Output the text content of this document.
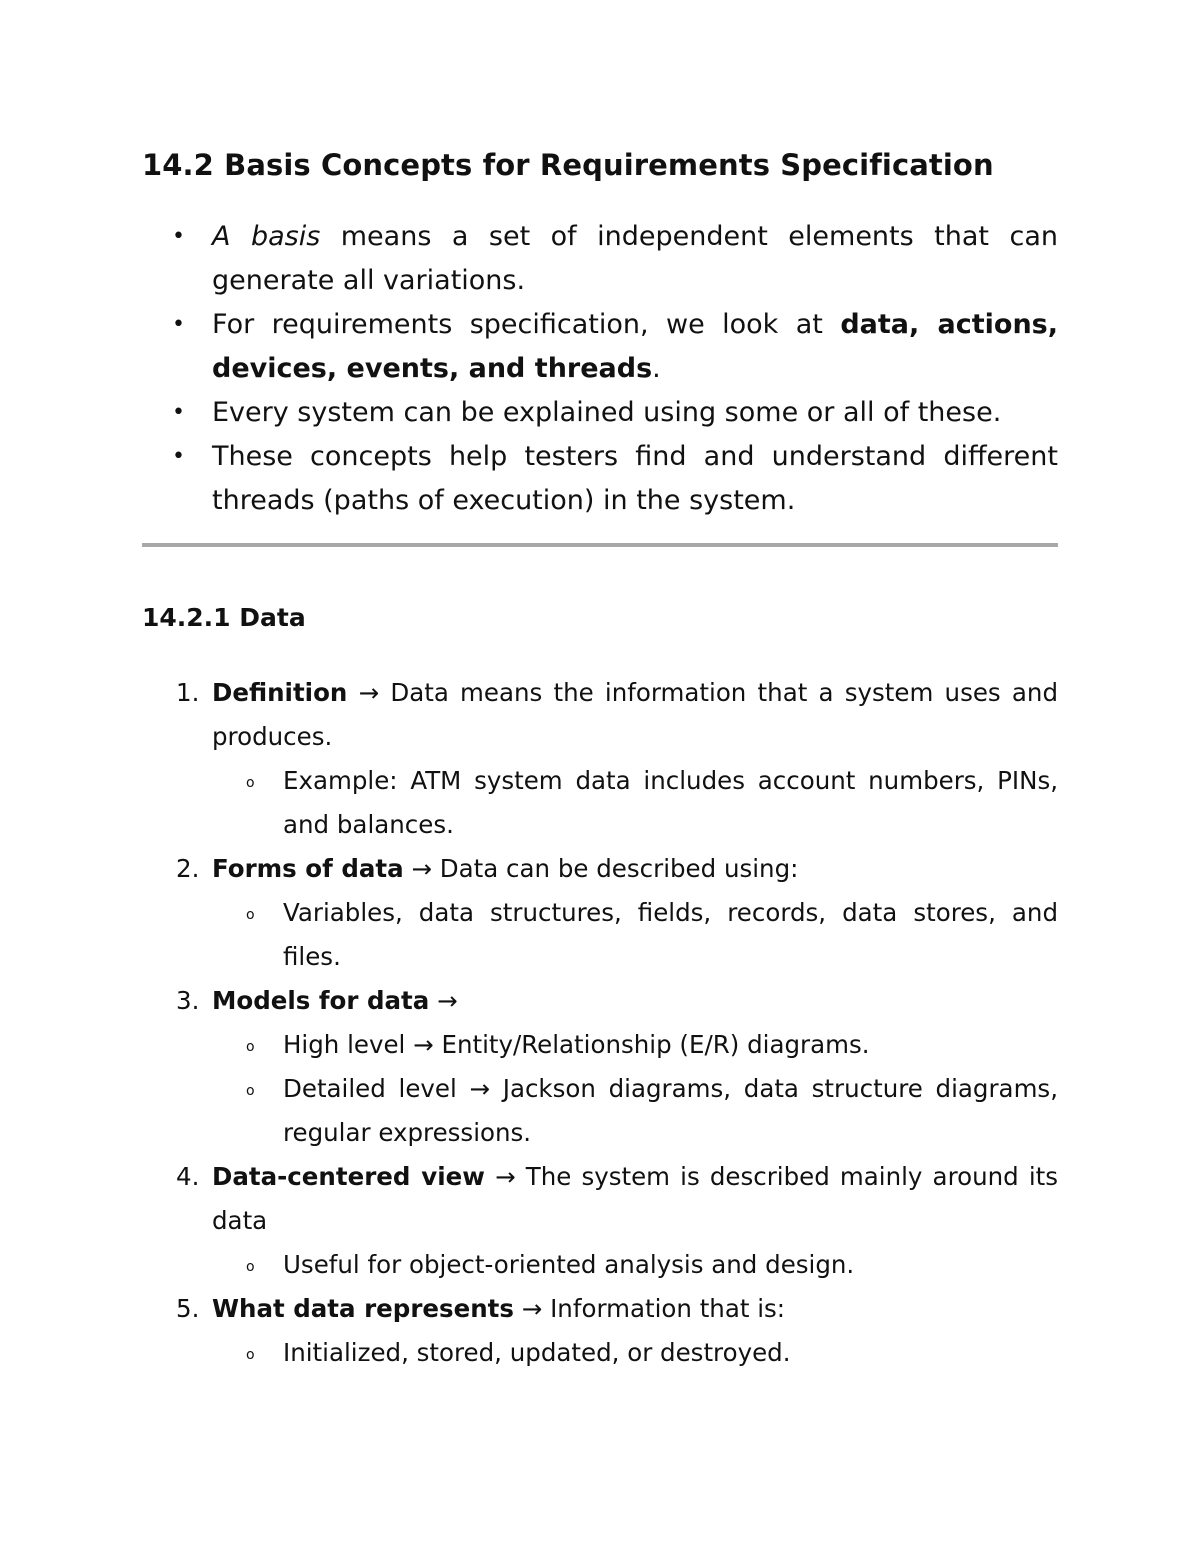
14.2 Basis Concepts for Requirements Specification
• A basis means a set of independent elements that can generate all variations.
• For requirements specification, we look at data, actions, devices, events, and threads.
• Every system can be explained using some or all of these.
• These concepts help testers find and understand different threads (paths of execution) in the system.
14.2.1 Data
1. Definition → Data means the information that a system uses and produces.
o Example: ATM system data includes account numbers, PINs, and balances.
2. Forms of data → Data can be described using:
o Variables, data structures, fields, records, data stores, and files.
3. Models for data →
o High level → Entity/Relationship (E/R) diagrams.
o Detailed level → Jackson diagrams, data structure diagrams, regular expressions.
4. Data-centered view → The system is described mainly around its data
o Useful for object-oriented analysis and design.
5. What data represents → Information that is:
o Initialized, stored, updated, or destroyed.
